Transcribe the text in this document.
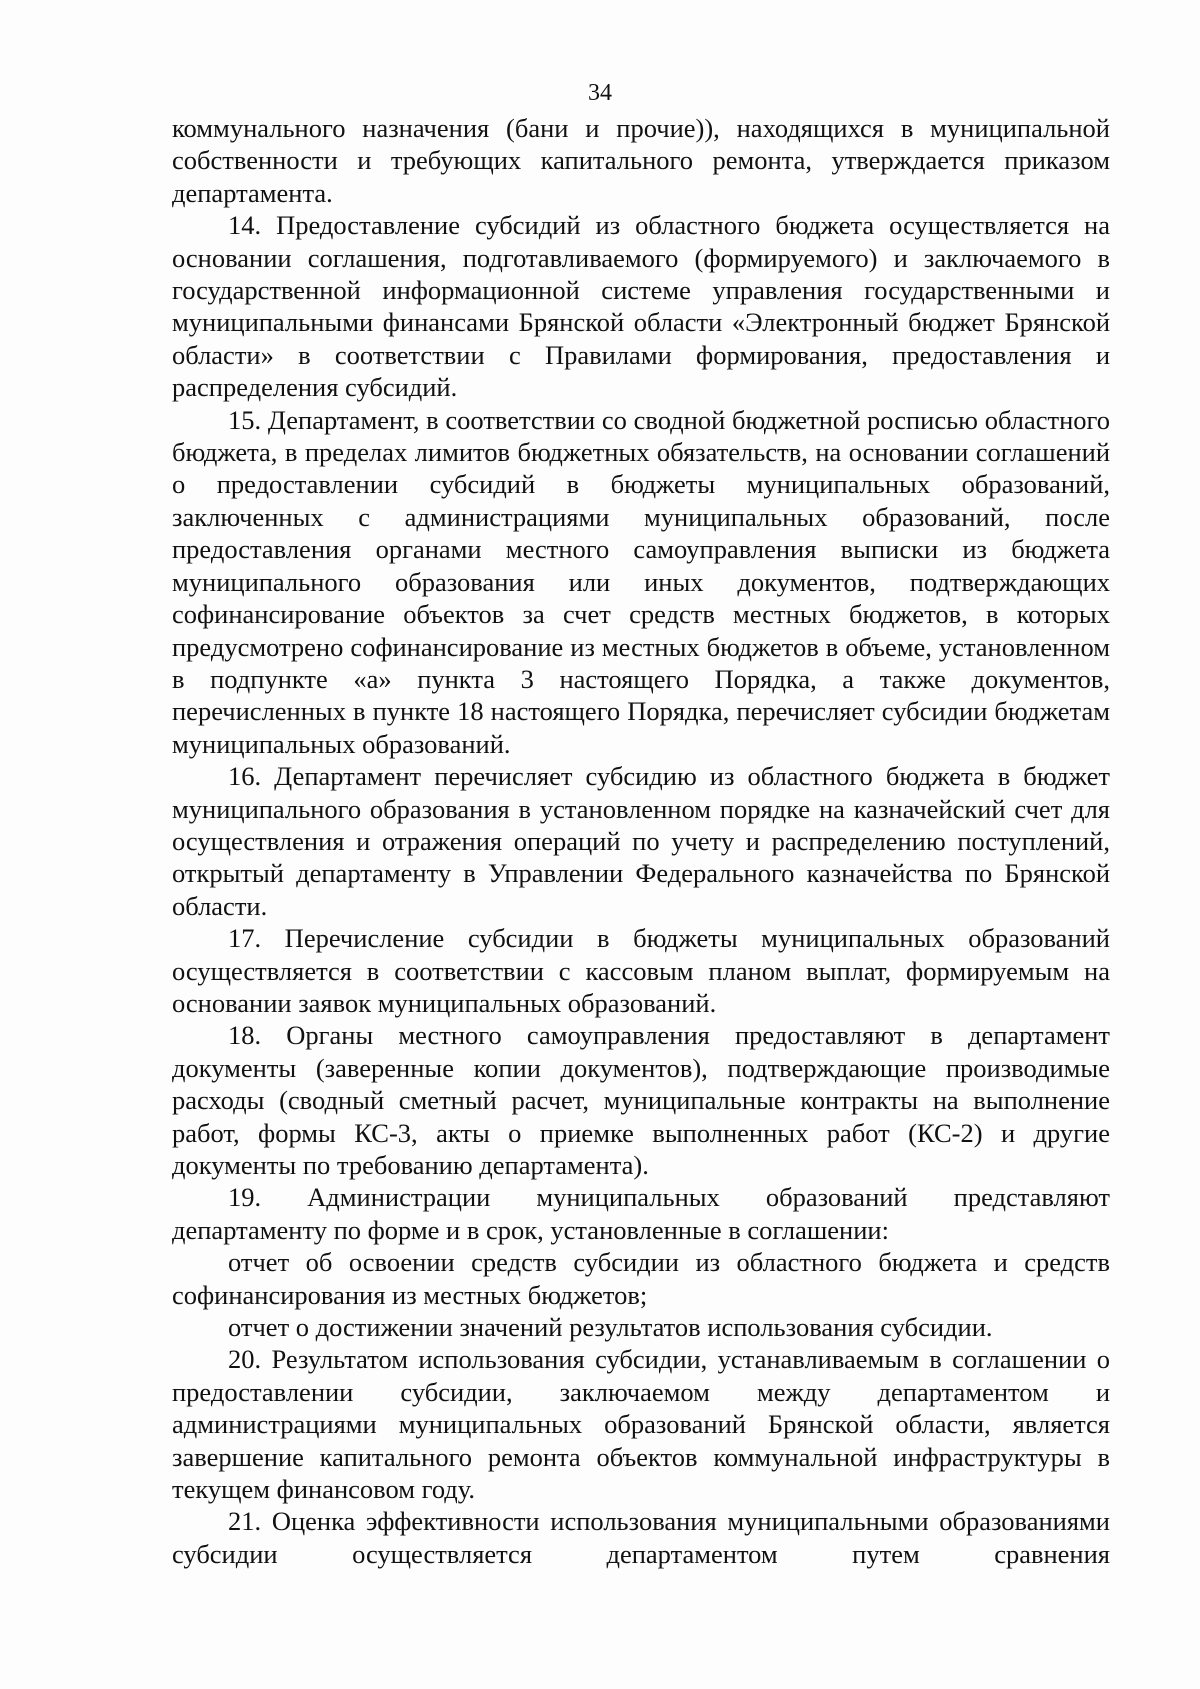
34

коммунального назначения (бани и прочие)), находящихся в муниципальной собственности и требующих капитального ремонта, утверждается приказом департамента.

14. Предоставление субсидий из областного бюджета осуществляется на основании соглашения, подготавливаемого (формируемого) и заключаемого в государственной информационной системе управления государственными и муниципальными финансами Брянской области «Электронный бюджет Брянской области» в соответствии с Правилами формирования, предоставления и распределения субсидий.

15. Департамент, в соответствии со сводной бюджетной росписью областного бюджета, в пределах лимитов бюджетных обязательств, на основании соглашений о предоставлении субсидий в бюджеты муниципальных образований, заключенных с администрациями муниципальных образований, после предоставления органами местного самоуправления выписки из бюджета муниципального образования или иных документов, подтверждающих софинансирование объектов за счет средств местных бюджетов, в которых предусмотрено софинансирование из местных бюджетов в объеме, установленном в подпункте «а» пункта 3 настоящего Порядка, а также документов, перечисленных в пункте 18 настоящего Порядка, перечисляет субсидии бюджетам муниципальных образований.

16. Департамент перечисляет субсидию из областного бюджета в бюджет муниципального образования в установленном порядке на казначейский счет для осуществления и отражения операций по учету и распределению поступлений, открытый департаменту в Управлении Федерального казначейства по Брянской области.

17. Перечисление субсидии в бюджеты муниципальных образований осуществляется в соответствии с кассовым планом выплат, формируемым на основании заявок муниципальных образований.

18. Органы местного самоуправления предоставляют в департамент документы (заверенные копии документов), подтверждающие производимые расходы (сводный сметный расчет, муниципальные контракты на выполнение работ, формы КС-3, акты о приемке выполненных работ (КС-2) и другие документы по требованию департамента).

19. Администрации муниципальных образований представляют департаменту по форме и в срок, установленные в соглашении:

отчет об освоении средств субсидии из областного бюджета и средств софинансирования из местных бюджетов;

отчет о достижении значений результатов использования субсидии.

20. Результатом использования субсидии, устанавливаемым в соглашении о предоставлении субсидии, заключаемом между департаментом и администрациями муниципальных образований Брянской области, является завершение капитального ремонта объектов коммунальной инфраструктуры в текущем финансовом году.

21. Оценка эффективности использования муниципальными образованиями субсидии осуществляется департаментом путем сравнения
